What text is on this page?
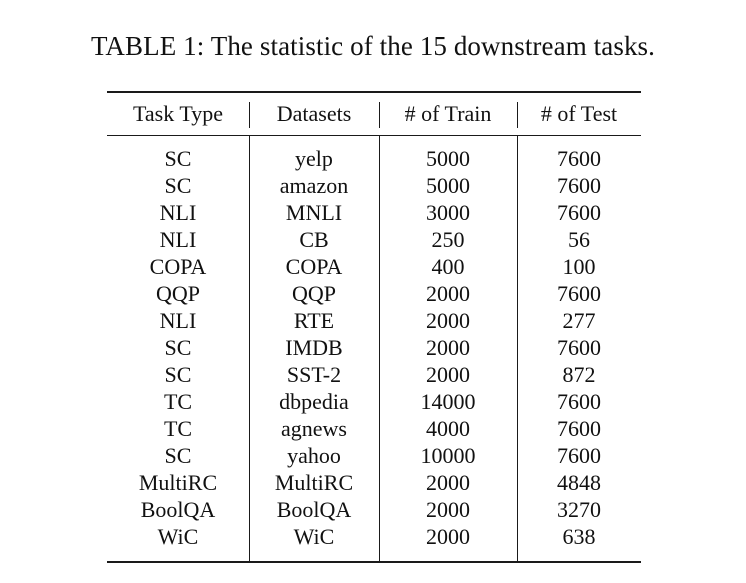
TABLE 1: The statistic of the 15 downstream tasks.
Task Type	Datasets	# of Train	# of Test
SC	yelp	5000	7600
SC	amazon	5000	7600
NLI	MNLI	3000	7600
NLI	CB	250	56
COPA	COPA	400	100
QQP	QQP	2000	7600
NLI	RTE	2000	277
SC	IMDB	2000	7600
SC	SST-2	2000	872
TC	dbpedia	14000	7600
TC	agnews	4000	7600
SC	yahoo	10000	7600
MultiRC	MultiRC	2000	4848
BoolQA	BoolQA	2000	3270
WiC	WiC	2000	638
